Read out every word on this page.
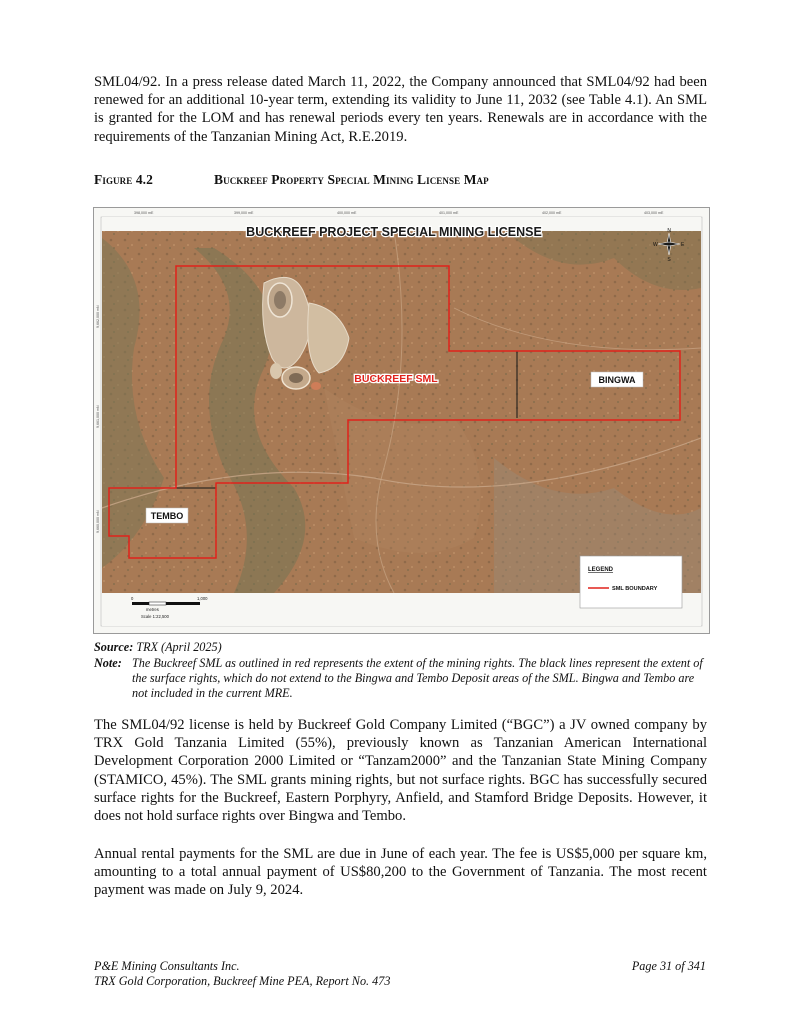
SML04/92. In a press release dated March 11, 2022, the Company announced that SML04/92 had been renewed for an additional 10-year term, extending its validity to June 11, 2032 (see Table 4.1). An SML is granted for the LOM and has renewal periods every ten years. Renewals are in accordance with the requirements of the Tanzanian Mining Act, R.E.2019.

Figure 4.2	Buckreef Property Special Mining License Map
398,000 mE	399,000 mE	400,000 mE	401,000 mE	402,000 mE	403,000 mE
9,662,000 mN
9,661,000 mN
9,660,000 mN
BUCKREEF PROJECT SPECIAL MINING LICENSE	N
E
S
W
BUCKREEF SML	BINGWA
TEMBO
0	1,000
metres
Scale 1:22,500
LEGEND
SML BOUNDARY
Source: TRX (April 2025)
Note: The Buckreef SML as outlined in red represents the extent of the mining rights. The black lines represent the extent of the surface rights, which do not extend to the Bingwa and Tembo Deposit areas of the SML. Bingwa and Tembo are not included in the current MRE.

The SML04/92 license is held by Buckreef Gold Company Limited (“BGC”) a JV owned company by TRX Gold Tanzania Limited (55%), previously known as Tanzanian American International Development Corporation 2000 Limited or “Tanzam2000” and the Tanzanian State Mining Company (STAMICO, 45%). The SML grants mining rights, but not surface rights. BGC has successfully secured surface rights for the Buckreef, Eastern Porphyry, Anfield, and Stamford Bridge Deposits. However, it does not hold surface rights over Bingwa and Tembo.

Annual rental payments for the SML are due in June of each year. The fee is US$5,000 per square km, amounting to a total annual payment of US$80,200 to the Government of Tanzania. The most recent payment was made on July 9, 2024.

P&E Mining Consultants Inc.
TRX Gold Corporation, Buckreef Mine PEA, Report No. 473
Page 31 of 341
